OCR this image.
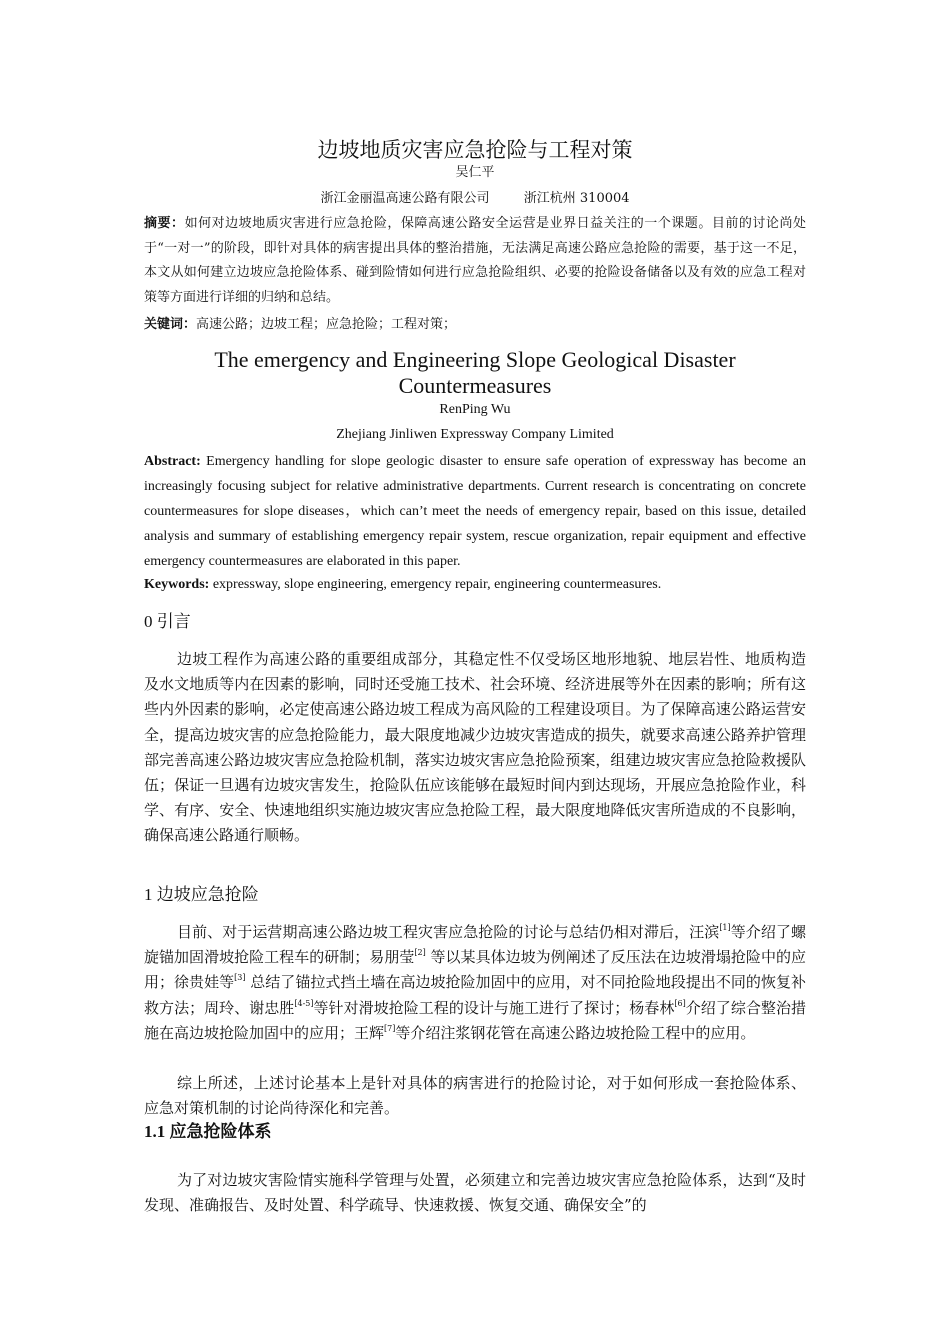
边坡地质灾害应急抢险与工程对策
吴仁平
浙江金丽温高速公路有限公司	浙江杭州 310004
摘要：如何对边坡地质灾害进行应急抢险，保障高速公路安全运营是业界日益关注的一个课题。目前的讨论尚处于“一对一”的阶段，即针对具体的病害提出具体的整治措施，无法满足高速公路应急抢险的需要，基于这一不足，本文从如何建立边坡应急抢险体系、碰到险情如何进行应急抢险组织、必要的抢险设备储备以及有效的应急工程对策等方面进行详细的归纳和总结。
关键词：高速公路；边坡工程；应急抢险；工程对策；
The emergency and Engineering Slope Geological Disaster Countermeasures
RenPing Wu
Zhejiang Jinliwen Expressway Company Limited
Abstract: Emergency handling for slope geologic disaster to ensure safe operation of expressway has become an increasingly focusing subject for relative administrative departments. Current research is concentrating on concrete countermeasures for slope diseases，which can’t meet the needs of emergency repair, based on this issue, detailed analysis and summary of establishing emergency repair system, rescue organization, repair equipment and effective emergency countermeasures are elaborated in this paper.
Keywords: expressway, slope engineering, emergency repair, engineering countermeasures.
0 引言
边坡工程作为高速公路的重要组成部分，其稳定性不仅受场区地形地貌、地层岩性、地质构造及水文地质等内在因素的影响，同时还受施工技术、社会环境、经济进展等外在因素的影响；所有这些内外因素的影响，必定使高速公路边坡工程成为高风险的工程建设项目。为了保障高速公路运营安全，提高边坡灾害的应急抢险能力，最大限度地减少边坡灾害造成的损失，就要求高速公路养护管理部完善高速公路边坡灾害应急抢险机制，落实边坡灾害应急抢险预案，组建边坡灾害应急抢险救援队伍；保证一旦遇有边坡灾害发生，抢险队伍应该能够在最短时间内到达现场，开展应急抢险作业，科学、有序、安全、快速地组织实施边坡灾害应急抢险工程，最大限度地降低灾害所造成的不良影响，确保高速公路通行顺畅。
1 边坡应急抢险
目前、对于运营期高速公路边坡工程灾害应急抢险的讨论与总结仍相对滞后，汪滨[1]等介绍了螺旋锚加固滑坡抢险工程车的研制；易朋莹[2] 等以某具体边坡为例阐述了反压法在边坡滑塌抢险中的应用；徐贵娃等[3] 总结了锚拉式挡土墙在高边坡抢险加固中的应用，对不同抢险地段提出不同的恢复补救方法；周玲、谢忠胜[4-5]等针对滑坡抢险工程的设计与施工进行了探讨；杨春林[6]介绍了综合整治措施在高边坡抢险加固中的应用；王辉[7]等介绍注浆钢花管在高速公路边坡抢险工程中的应用。
综上所述，上述讨论基本上是针对具体的病害进行的抢险讨论，对于如何形成一套抢险体系、应急对策机制的讨论尚待深化和完善。
1.1 应急抢险体系
为了对边坡灾害险情实施科学管理与处置，必须建立和完善边坡灾害应急抢险体系，达到“及时发现、准确报告、及时处置、科学疏导、快速救援、恢复交通、确保安全”的
